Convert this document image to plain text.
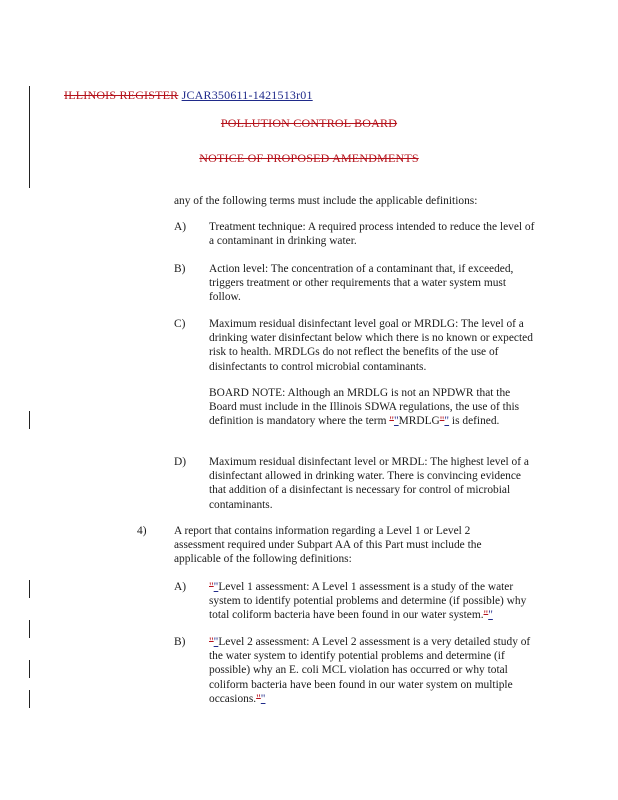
ILLINOIS REGISTER JCAR350611-1421513r01
POLLUTION CONTROL BOARD
NOTICE OF PROPOSED AMENDMENTS
any of the following terms must include the applicable definitions:
A) Treatment technique: A required process intended to reduce the level of a contaminant in drinking water.
B) Action level: The concentration of a contaminant that, if exceeded, triggers treatment or other requirements that a water system must follow.
C) Maximum residual disinfectant level goal or MRDLG: The level of a drinking water disinfectant below which there is no known or expected risk to health. MRDLGs do not reflect the benefits of the use of disinfectants to control microbial contaminants.
BOARD NOTE: Although an MRDLG is not an NPDWR that the Board must include in the Illinois SDWA regulations, the use of this definition is mandatory where the term ""MRDLG"" is defined.
D) Maximum residual disinfectant level or MRDL: The highest level of a disinfectant allowed in drinking water. There is convincing evidence that addition of a disinfectant is necessary for control of microbial contaminants.
4) A report that contains information regarding a Level 1 or Level 2 assessment required under Subpart AA of this Part must include the applicable of the following definitions:
A) ""Level 1 assessment: A Level 1 assessment is a study of the water system to identify potential problems and determine (if possible) why total coliform bacteria have been found in our water system.""
B) ""Level 2 assessment: A Level 2 assessment is a very detailed study of the water system to identify potential problems and determine (if possible) why an E. coli MCL violation has occurred or why total coliform bacteria have been found in our water system on multiple occasions.""
